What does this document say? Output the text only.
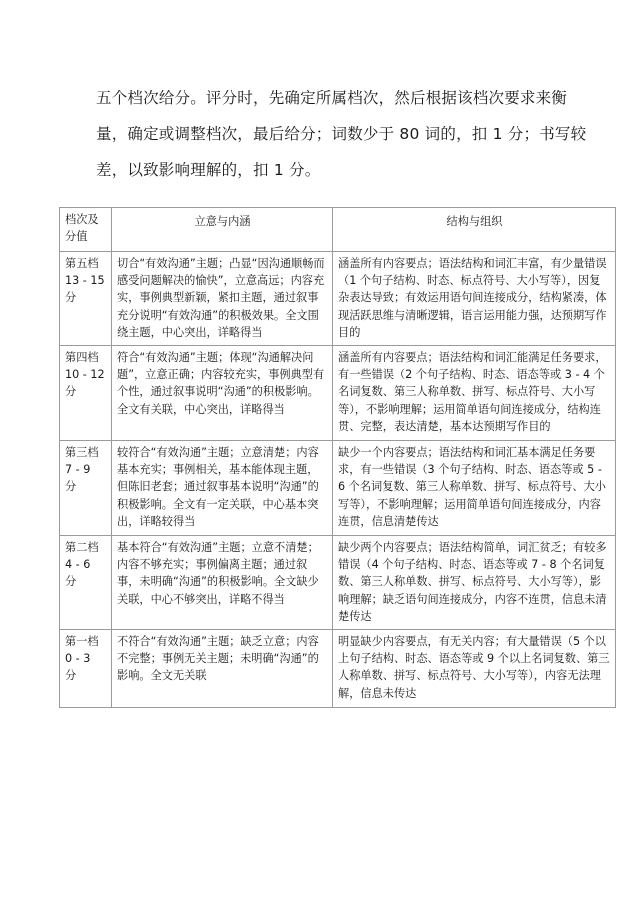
五个档次给分。评分时，先确定所属档次，然后根据该档次要求来衡

量，确定或调整档次，最后给分；词数少于 80 词的，扣 1 分；书写较

差，以致影响理解的，扣 1 分。

档次及
分值	立意与内涵	结构与组织

第五档
13 - 15
分	切合“有效沟通”主题；凸显“因沟通顺畅而感受问题解决的愉快”，立意高远；内容充实，事例典型新颖，紧扣主题，通过叙事充分说明“有效沟通”的积极效果。全文围绕主题，中心突出，详略得当	涵盖所有内容要点；语法结构和词汇丰富，有少量错误（1 个句子结构、时态、标点符号、大小写等），因复杂表达导致；有效运用语句间连接成分，结构紧凑，体现活跃思维与清晰逻辑，语言运用能力强，达预期写作目的

第四档
10 - 12
分	符合“有效沟通”主题；体现“沟通解决问题”，立意正确；内容较充实，事例典型有个性，通过叙事说明“沟通”的积极影响。全文有关联，中心突出，详略得当	涵盖所有内容要点；语法结构和词汇能满足任务要求，有一些错误（2 个句子结构、时态、语态等或 3 - 4 个名词复数、第三人称单数、拼写、标点符号、大小写等），不影响理解；运用简单语句间连接成分，结构连贯、完整，表达清楚，基本达预期写作目的

第三档
7 - 9
分	较符合“有效沟通”主题；立意清楚；内容基本充实；事例相关，基本能体现主题，但陈旧老套；通过叙事基本说明“沟通”的积极影响。全文有一定关联，中心基本突出，详略较得当	缺少一个内容要点；语法结构和词汇基本满足任务要求，有一些错误（3 个句子结构、时态、语态等或 5 - 6 个名词复数、第三人称单数、拼写、标点符号、大小写等），不影响理解；运用简单语句间连接成分，内容连贯，信息清楚传达

第二档
4 - 6
分	基本符合“有效沟通”主题；立意不清楚；内容不够充实；事例偏离主题；通过叙事，未明确“沟通”的积极影响。全文缺少关联，中心不够突出，详略不得当	缺少两个内容要点；语法结构简单，词汇贫乏；有较多错误（4 个句子结构、时态、语态等或 7 - 8 个名词复数、第三人称单数、拼写、标点符号、大小写等），影响理解；缺乏语句间连接成分，内容不连贯，信息未清楚传达

第一档
0 - 3
分	不符合“有效沟通”主题；缺乏立意；内容不完整；事例无关主题；未明确“沟通”的影响。全文无关联	明显缺少内容要点，有无关内容；有大量错误（5 个以上句子结构、时态、语态等或 9 个以上名词复数、第三人称单数、拼写、标点符号、大小写等），内容无法理解，信息未传达
